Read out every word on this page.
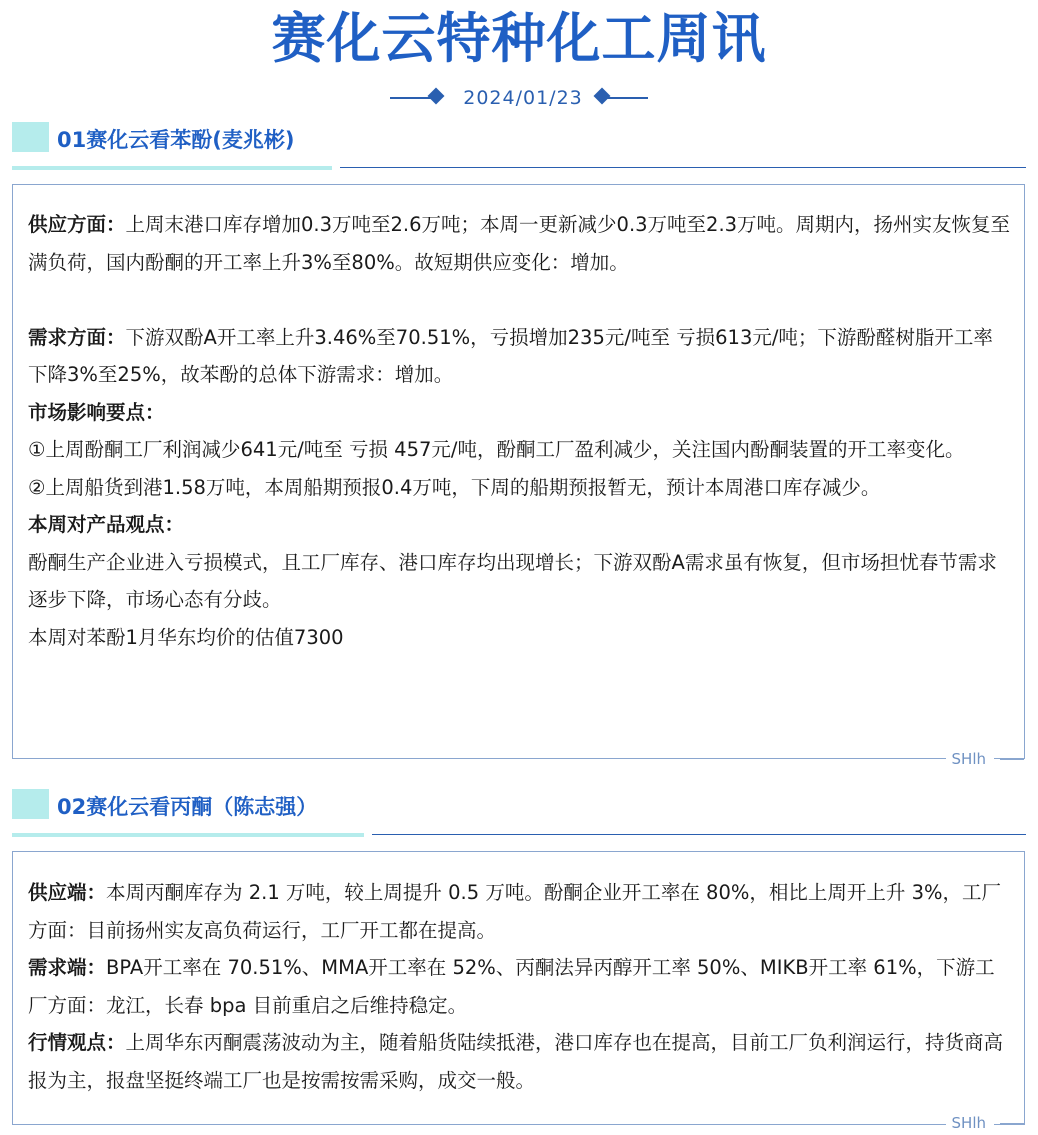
赛化云特种化工周讯
2024/01/23
01赛化云看苯酚(麦兆彬)

供应方面：上周末港口库存增加0.3万吨至2.6万吨；本周一更新减少0.3万吨至2.3万吨。周期内，扬州实友恢复至满负荷，国内酚酮的开工率上升3%至80%。故短期供应变化：增加。

需求方面：下游双酚A开工率上升3.46%至70.51%，亏损增加235元/吨至 亏损613元/吨；下游酚醛树脂开工率下降3%至25%，故苯酚的总体下游需求：增加。

市场影响要点：

①上周酚酮工厂利润减少641元/吨至 亏损 457元/吨，酚酮工厂盈利减少，关注国内酚酮装置的开工率变化。

②上周船货到港1.58万吨，本周船期预报0.4万吨，下周的船期预报暂无，预计本周港口库存减少。

本周对产品观点：

酚酮生产企业进入亏损模式，且工厂库存、港口库存均出现增长；下游双酚A需求虽有恢复，但市场担忧春节需求逐步下降，市场心态有分歧。

本周对苯酚1月华东均价的估值7300

SHlh
02赛化云看丙酮（陈志强）

供应端：本周丙酮库存为 2.1 万吨，较上周提升 0.5 万吨。酚酮企业开工率在 80%，相比上周开上升 3%，工厂方面：目前扬州实友高负荷运行，工厂开工都在提高。

需求端：BPA开工率在 70.51%、MMA开工率在 52%、丙酮法异丙醇开工率 50%、MIKB开工率 61%，下游工厂方面：龙江，长春 bpa 目前重启之后维持稳定。

行情观点：上周华东丙酮震荡波动为主，随着船货陆续抵港，港口库存也在提高，目前工厂负利润运行，持货商高报为主，报盘坚挺终端工厂也是按需按需采购，成交一般。

SHlh
